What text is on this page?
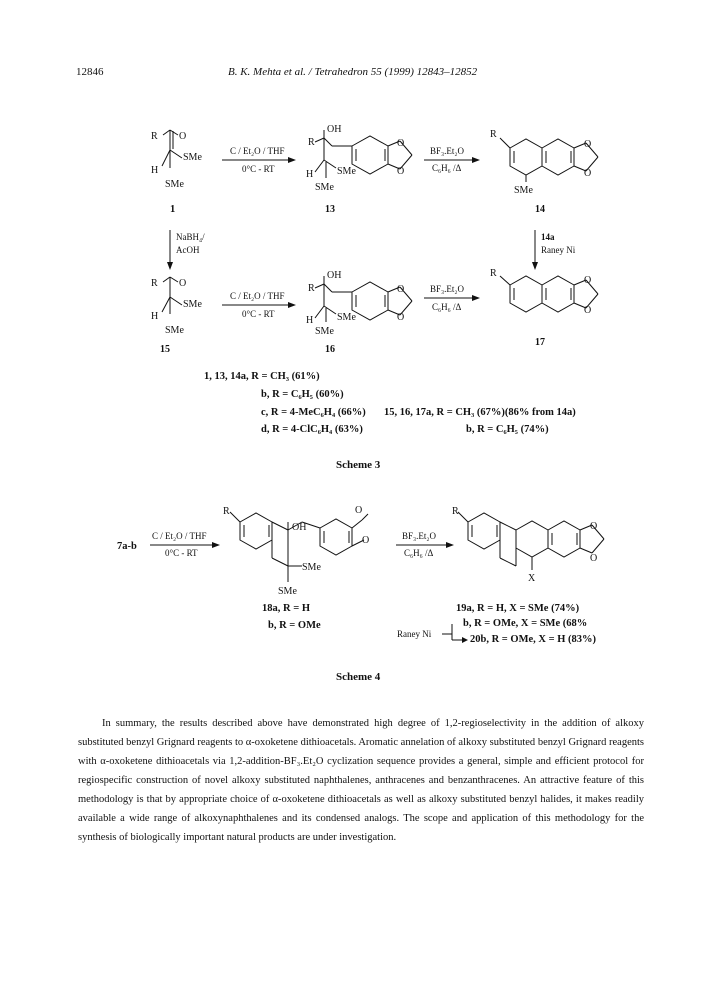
12846	B. K. Mehta et al. / Tetrahedron 55 (1999) 12843–12852
R O
SMe
H
SMe
1
C / Et₂O / THF
0°C - RT
OH
R	O
O
SMe
H
SMe
13
BF₃.Et₂O
C₆H₆ /Δ
R
O
O
SMe
14
NaBH₄/
AcOH
14a
Raney Ni
R O
SMe
H
SMe
15
C / Et₂O / THF
0°C - RT
OH
R	O
O
SMe
H
SMe
16
BF₃.Et₂O
C₆H₆ /Δ
R
O
O
17
7a-b
C / Et₂O / THF
0°C - RT
R
OH
O
O
SMe
SMe
BF₃.Et₂O
C₆H₆ /Δ
R
O
O
X
1, 13, 14a, R = CH₃ (61%)
b, R = C₆H₅ (60%)
c, R = 4-MeC₆H₄ (66%)
d, R = 4-ClC₆H₄ (63%)
15, 16, 17a, R = CH₃ (67%)(86% from 14a)
b, R = C₆H₅ (74%)
Scheme 3
18a, R = H
b, R = OMe
19a, R = H, X = SMe (74%)
b, R = OMe, X = SMe (68%
20b, R = OMe, X = H (83%)
Raney Ni
Scheme 4
In summary, the results described above have demonstrated high degree of 1,2-regioselectivity in the addition of alkoxy substituted benzyl Grignard reagents to α-oxoketene dithioacetals. Aromatic annelation of alkoxy substituted benzyl Grignard reagents with α-oxoketene dithioacetals via 1,2-addition-BF₃.Et₂O cyclization sequence provides a general, simple and efficient protocol for regiospecific construction of novel alkoxy substituted naphthalenes, anthracenes and benzanthracenes. An attractive feature of this methodology is that by appropriate choice of α-oxoketene dithioacetals as well as alkoxy substituted benzyl halides, it makes readily available a wide range of alkoxynaphthalenes and its condensed analogs. The scope and application of this methodology for the synthesis of biologically important natural products are under investigation.
